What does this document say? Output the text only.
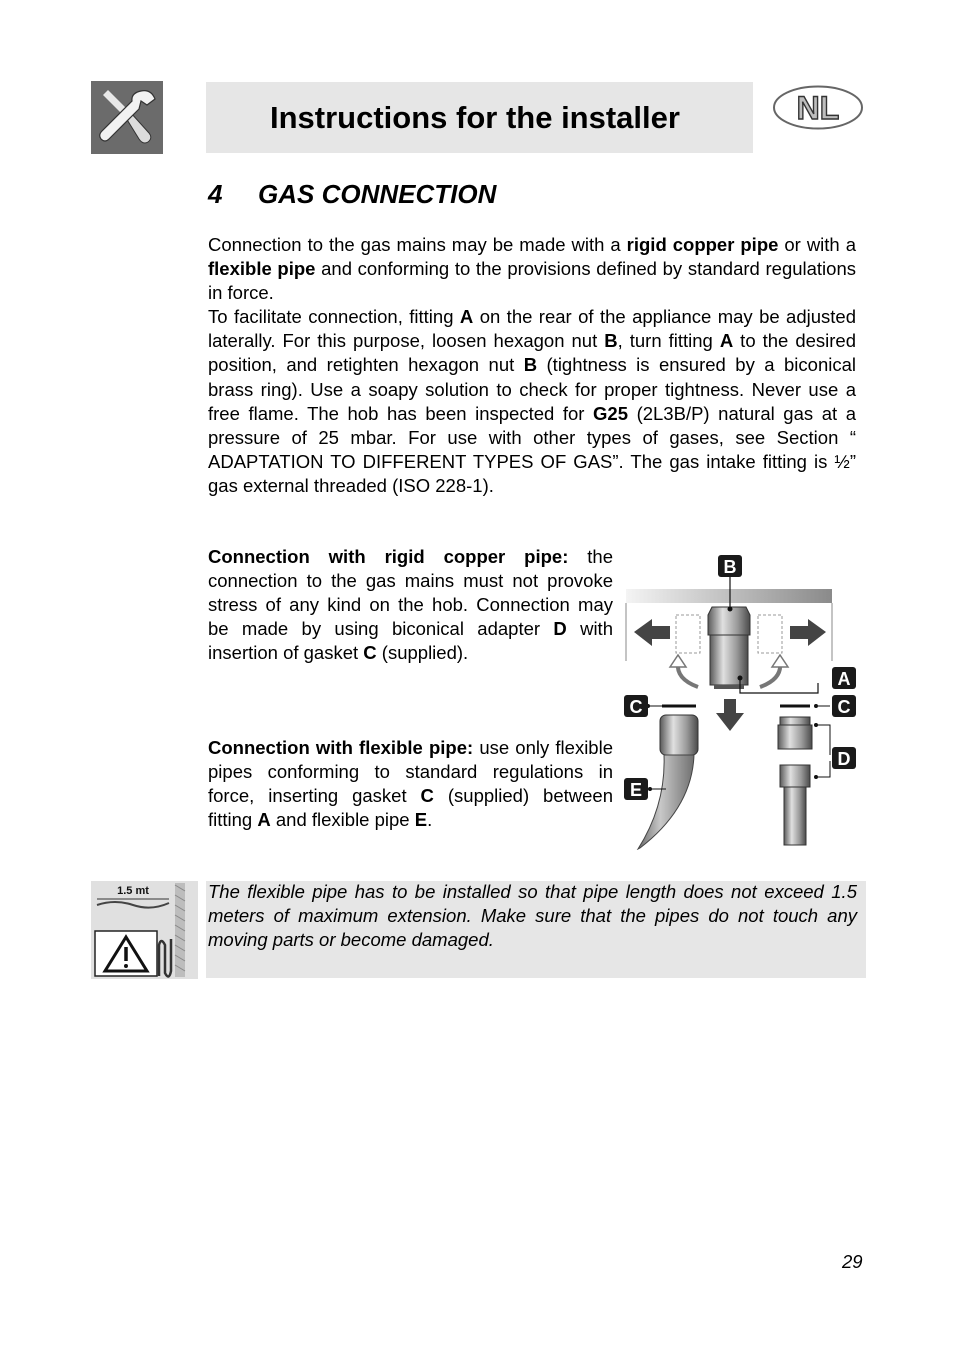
Instructions for the installer	NL
4 GAS CONNECTION
Connection to the gas mains may be made with a rigid copper pipe or with a flexible pipe and conforming to the provisions defined by standard regulations in force.
To facilitate connection, fitting A on the rear of the appliance may be adjusted laterally. For this purpose, loosen hexagon nut B, turn fitting A to the desired position, and retighten hexagon nut B (tightness is ensured by a biconical brass ring). Use a soapy solution to check for proper tightness. Never use a free flame. The hob has been inspected for G25 (2L3B/P) natural gas at a pressure of 25 mbar. For use with other types of gases, see Section “ ADAPTATION TO DIFFERENT TYPES OF GAS”. The gas intake fitting is ½” gas external threaded (ISO 228-1).
Connection with rigid copper pipe: the connection to the gas mains must not provoke stress of any kind on the hob. Connection may be made by using biconical adapter D with insertion of gasket C (supplied).
Connection with flexible pipe: use only flexible pipes conforming to standard regulations in force, inserting gasket C (supplied) between fitting A and flexible pipe E.
B
A
C	C
D
E
1.5 mt	The flexible pipe has to be installed so that pipe length does not exceed 1.5 meters of maximum extension. Make sure that the pipes do not touch any moving parts or become damaged.
29
